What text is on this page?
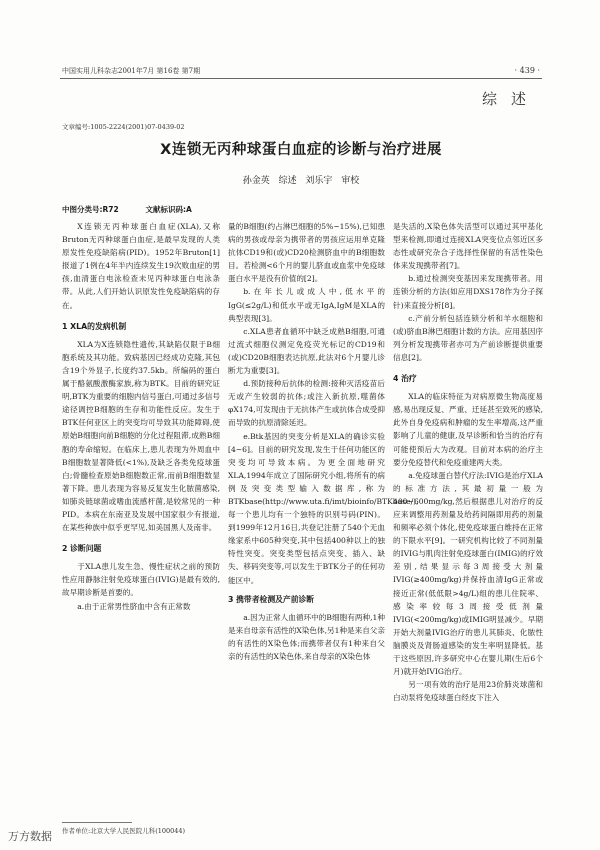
中国实用儿科杂志2001年7月 第16卷 第7期	· 439 ·
综述
文章编号:1005-2224(2001)07-0439-02
X连锁无丙种球蛋白血症的诊断与治疗进展
孙金英 综述 刘乐宇 审校
中图分类号:R72	文献标识码:A

X连锁无丙种球蛋白血症(XLA),又称Bruton无丙种球蛋白血症,是最早发现的人类原发性免疫缺陷病(PID)。1952年Bruton[1]报道了1例在4年半内连续发生19次败血症的男孩,血清蛋白电泳检查未见丙种球蛋白电泳条带。从此,人们开始认识原发性免疫缺陷病的存在。

1 XLA的发病机制

XLA为X连锁隐性遗传,其缺陷仅限于B细胞系统及其功能。致病基因已经成功克隆,其包含19个外显子,长度约37.5kb。所编码的蛋白属于酪氨酸激酶家族,称为BTK。目前的研究证明,BTK为重要的细胞内信号蛋白,可通过多信号途径调控B细胞的生存和功能性反应。发生于BTK任何亚区上的突变均可导致其功能障碍,使原始B细胞向前B细胞的分化过程阻滞,成熟B细胞的寿命缩短。在临床上,患儿表现为外周血中B细胞数显著降低(<1%),及缺乏各类免疫球蛋白;骨髓检查原始B细胞数正常,而前B细胞数显著下降。患儿表现为容易反复发生化脓菌感染,如肺炎链球菌或嗜血流感杆菌,是较常见的一种PID。本病在东南亚及发展中国家很少有报道,在某些种族中似乎更罕见,如美国黑人及南非。

2 诊断问题

于XLA患儿发生急、慢性症状之前的预防性应用静脉注射免疫球蛋白(IVIG)是最有效的,故早期诊断是首要的。

a.由于正常男性脐血中含有正常数

量的B细胞(约占淋巴细胞的5%~15%),已知患病的男孩或母亲为携带者的男孩应运用单克隆抗体CD19和(或)CD20检测脐血中的B细胞数目。若检测<6个月的婴儿脐血或血浆中免疫球蛋白水平是没有价值的[2]。

b.在年长儿或成人中,低水平的IgG(≤2g/L)和低水平或无IgA,IgM是XLA的典型表现[3]。

c.XLA患者血循环中缺乏成熟B细胞,可通过流式细胞仪测定免疫荧光标记的CD19和(或)CD20B细胞表达抗原,此法对6个月婴儿诊断尤为重要[3]。

d.预防接种后抗体的检测:接种灭活疫苗后无或产生较弱的抗体;或注入新抗原,噬菌体φX174,可发现由于无抗体产生或抗体合成受抑而导致的抗原清除延迟。

e.Btk基因的突变分析是XLA的确诊实验[4~6]。目前的研究发现,发生于任何功能区的突变均可导致本病。为更全面地研究XLA,1994年成立了国际研究小组,将所有的病例及突变类型输入数据库,称为BTKbase(http://www.uta.fi/imt/bioinfo/BTKbase/),每一个患儿均有一个独特的识别号码(PIN)。到1999年12月16日,共登记注册了540个无血缘家系中605种突变,其中包括400种以上的独特性突变。突变类型包括点突变、插入、缺失、移码突变等,可以发生于BTK分子的任何功能区中。

3 携带者检测及产前诊断

a.因为正常人血循环中的B细胞有两种,1种是来自母亲有活性的X染色体,另1种是来自父亲的有活性的X染色体;而携带者仅有1种来自父亲的有活性的X染色体,来自母亲的X染色体

是失活的,X染色体失活型可以通过其甲基化型来检测,即通过连接XLA突变位点邻近区多态性或研究杂合子选择性保留的有活性染色体来发现携带者[7]。

b.通过检测突变基因来发现携带者。用连锁分析的方法(如应用DXS178作为分子探针)来直接分析[8]。

c.产前分析包括连锁分析和羊水细胞和(或)脐血B淋巴细胞计数的方法。应用基因序列分析发现携带者亦可为产前诊断提供重要信息[2]。

4 治疗

XLA的临床特征为对病原微生物高度易感,易出现反复、严重、迁延甚至致死的感染,此外自身免疫病和肿瘤的发生率增高,这严重影响了儿童的健康,及早诊断和恰当的治疗有可能使预后大为改观。目前对本病的治疗主要分免疫替代和免疫重建两大类。

a.免疫球蛋白替代疗法:IVIG是治疗XLA的标准方法,其最初量一般为400~600mg/kg,然后根据患儿对治疗的反应来调整用药剂量及给药间隔即用药的剂量和频率必须个体化,使免疫球蛋白维持在正常的下限水平[9]。一研究机构比较了不同剂量的IVIG与肌肉注射免疫球蛋白(IMIG)的疗效差别,结果显示每3周接受大剂量IVIG(≥400mg/kg)并保持血清IgG正常或接近正常(低低限>4g/L)组的患儿住院率、感染率较每3周接受低剂量IVIG(<200mg/kg)或IMIG明显减少。早期开始大剂量IVIG治疗的患儿其肺炎、化脓性脑膜炎及肾肠道感染的发生率明显降低。基于这些原因,许多研究中心在婴儿期(生后6个月)就开始IVIG治疗。

另一项有效的治疗是用23价肺炎球菌和白动泵将免疫球蛋白经皮下注入

作者单位:北京大学人民医院儿科(100044)
万方数据
